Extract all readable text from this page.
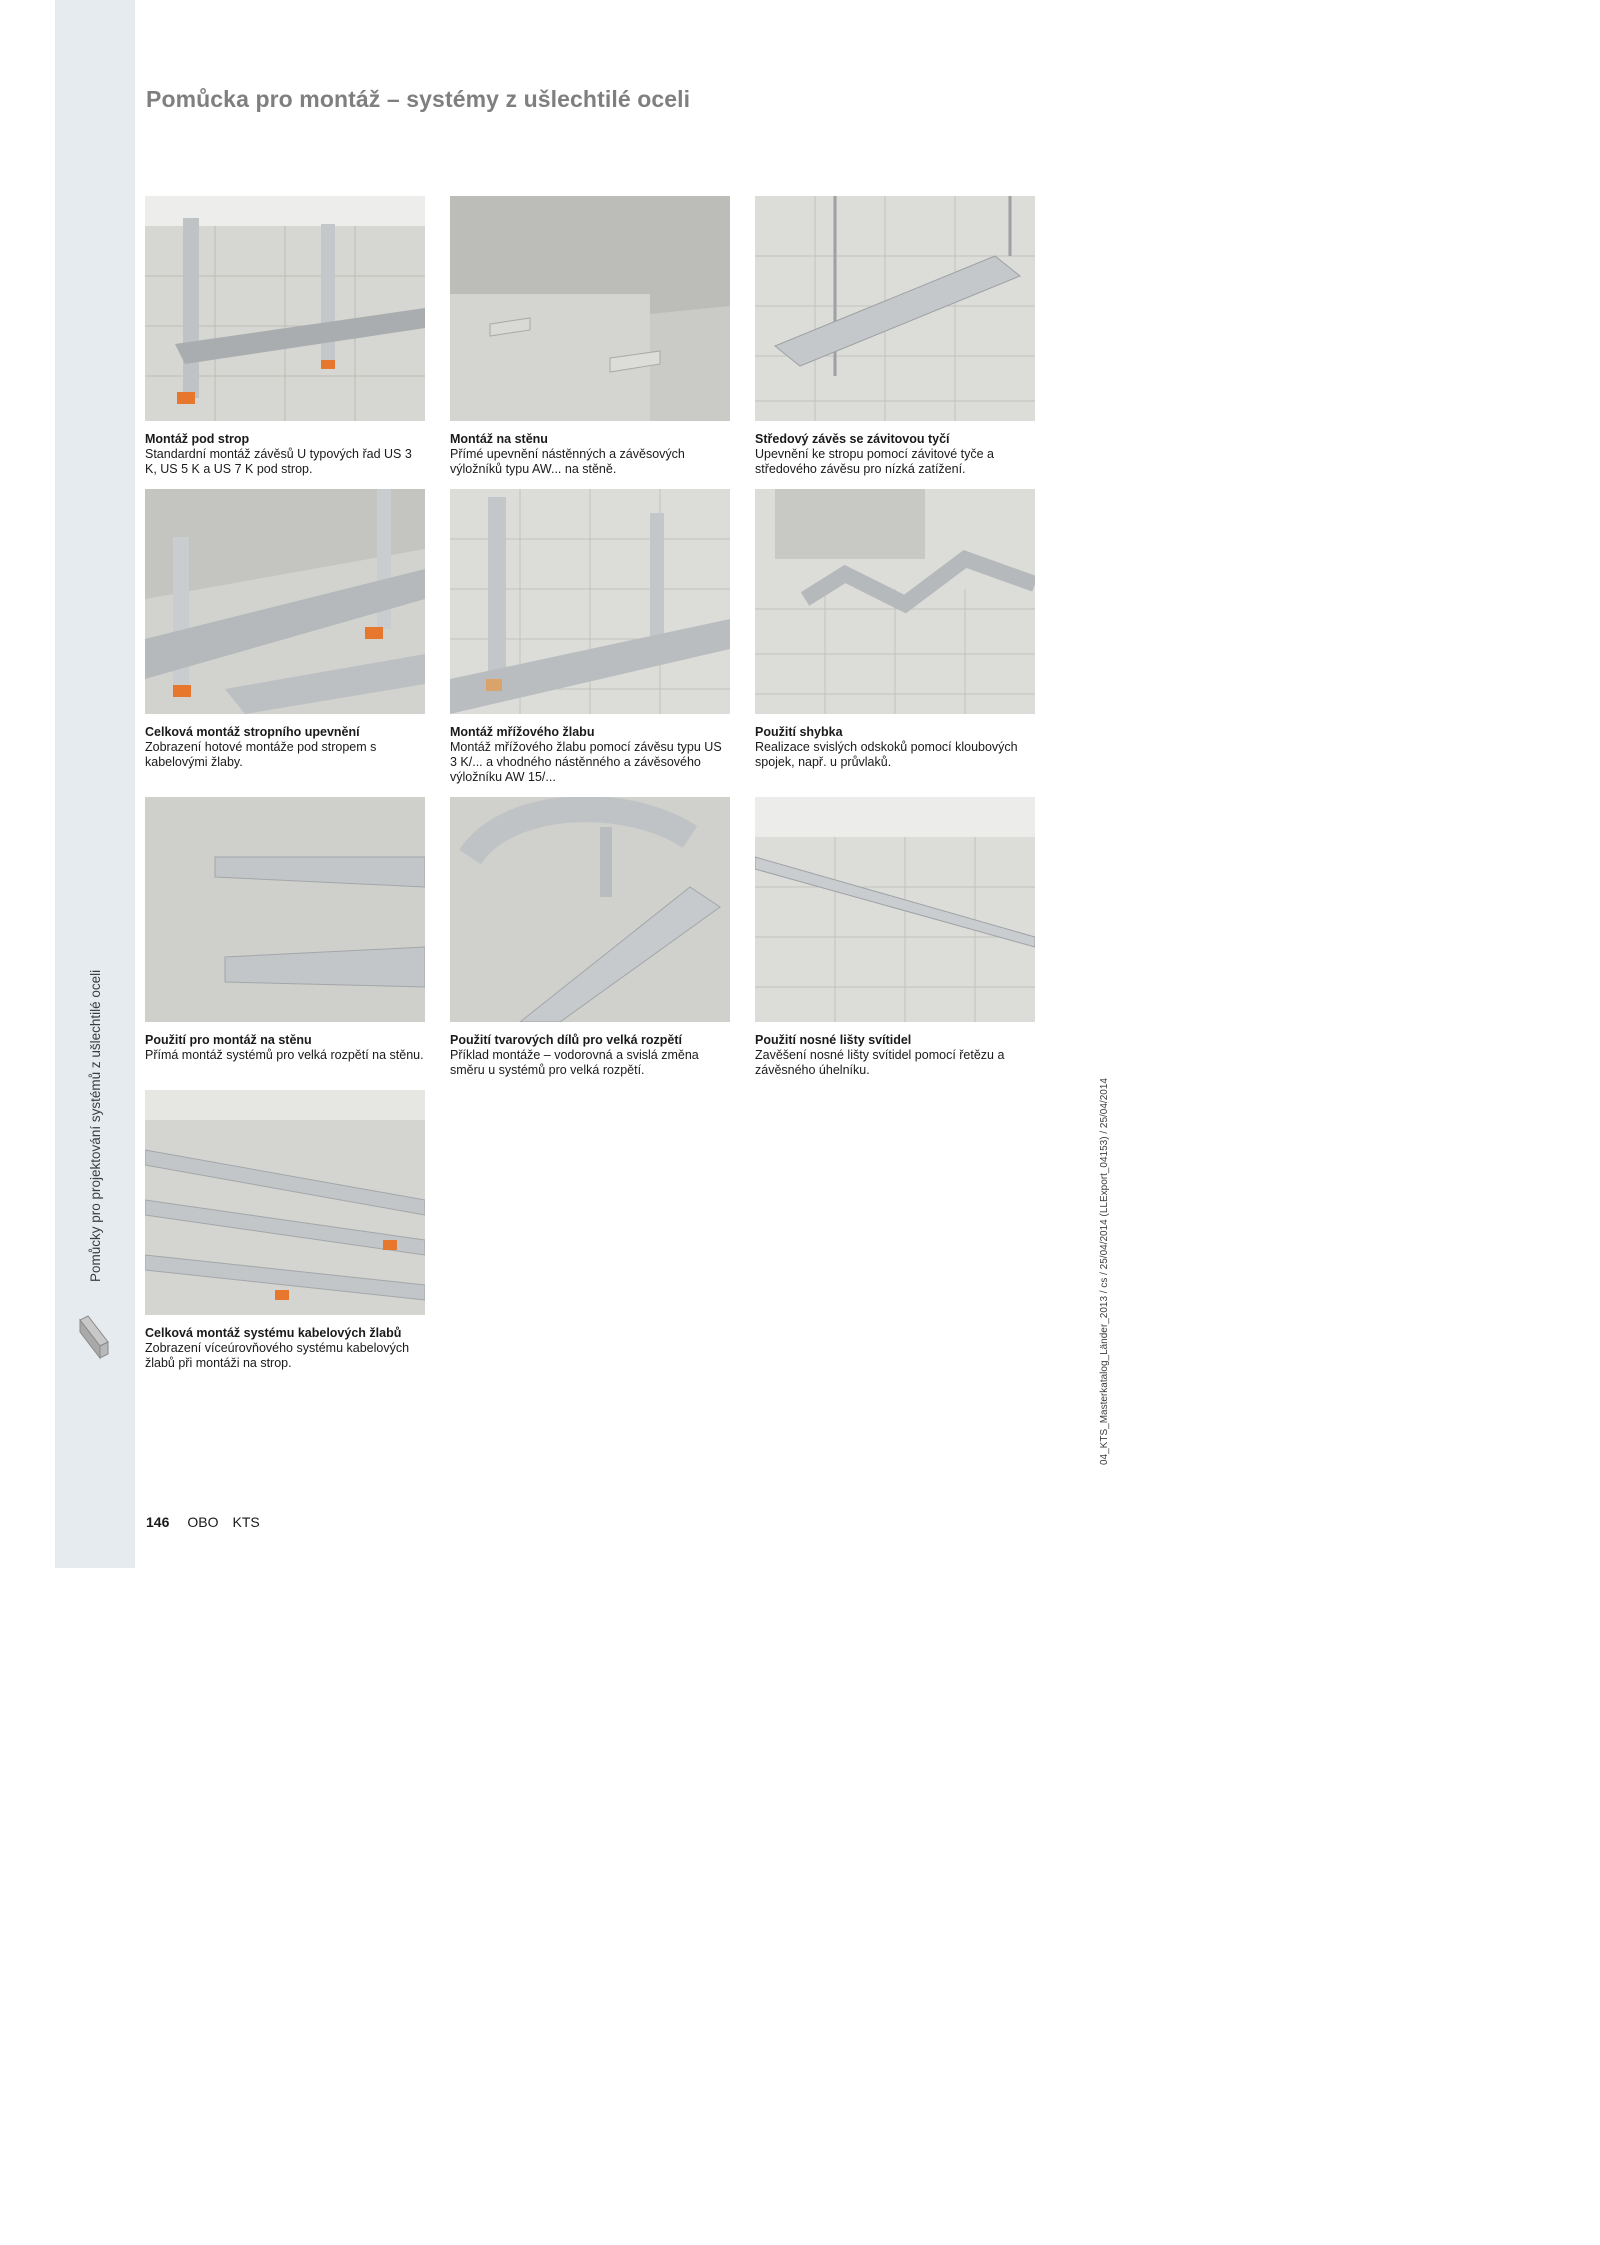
Pomůcky pro projektování systémů z ušlechtilé oceli	04_KTS_Masterkatalog_Länder_2013 / cs / 25/04/2014 (LLExport_04153) / 25/04/2014
Pomůcka pro montáž – systémy z ušlechtilé oceli
Montáž pod strop
Standardní montáž závěsů U typových řad US 3 K, US 5 K a US 7 K pod strop.
Montáž na stěnu
Přímé upevnění nástěnných a závěsových výložníků typu AW... na stěně.
Středový závěs se závitovou tyčí
Upevnění ke stropu pomocí závitové tyče a středového závěsu pro nízká zatížení.
Celková montáž stropního upevnění
Zobrazení hotové montáže pod stropem s kabelovými žlaby.
Montáž mřížového žlabu
Montáž mřížového žlabu pomocí závěsu typu US 3 K/... a vhodného nástěnného a závěsového výložníku AW 15/...
Použití shybka
Realizace svislých odskoků pomocí kloubových spojek, např. u průvlaků.
Použití pro montáž na stěnu
Přímá montáž systémů pro velká rozpětí na stěnu.
Použití tvarových dílů pro velká rozpětí
Příklad montáže – vodorovná a svislá změna směru u systémů pro velká rozpětí.
Použití nosné lišty svítidel
Zavěšení nosné lišty svítidel pomocí řetězu a závěsného úhelníku.
Celková montáž systému kabelových žlabů
Zobrazení víceúrovňového systému kabelových žlabů při montáži na strop.
146 OBO KTS
